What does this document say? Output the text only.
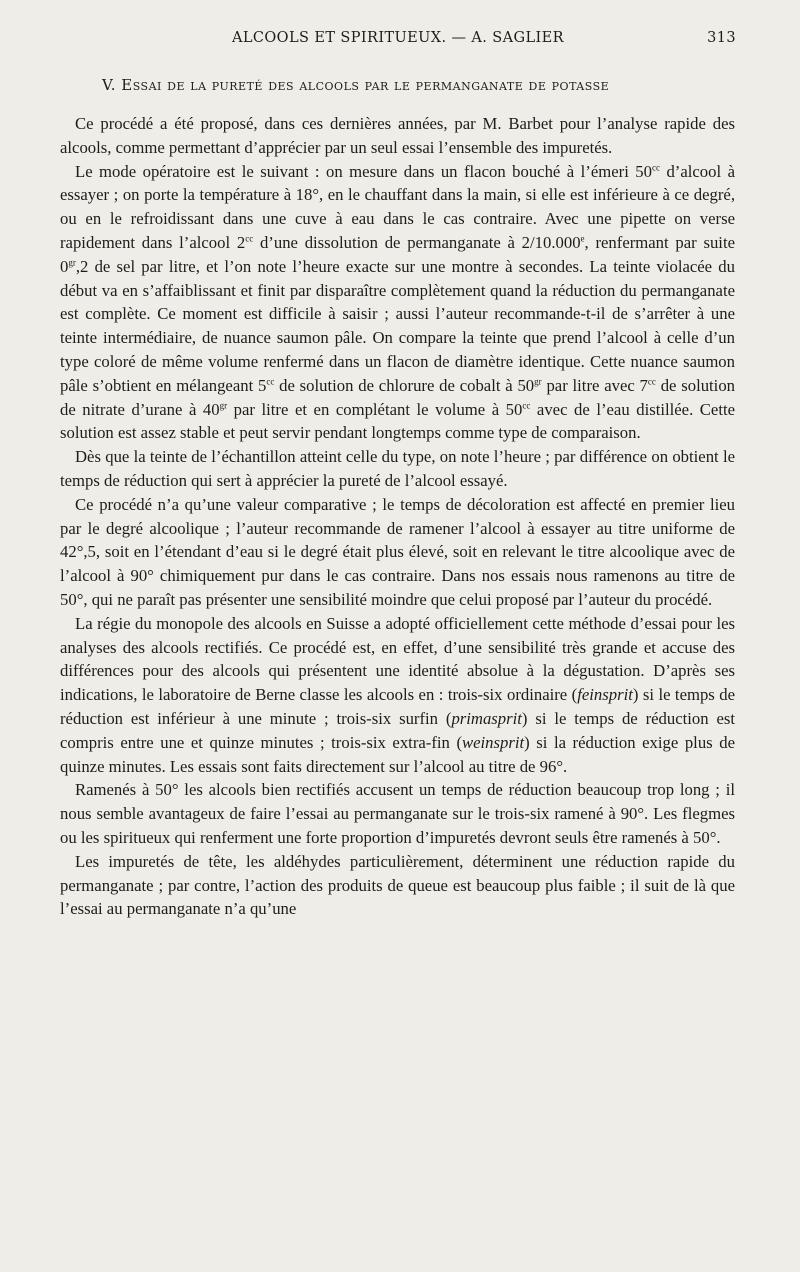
ALCOOLS ET SPIRITUEUX. — A. SAGLIER	313
V. Essai de la pureté des alcools par le permanganate de potasse

Ce procédé a été proposé, dans ces dernières années, par M. Barbet pour l’analyse rapide des alcools, comme permettant d’apprécier par un seul essai l’ensemble des impuretés.

Le mode opératoire est le suivant : on mesure dans un flacon bouché à l’émeri $50^{cc}$ d’alcool à essayer ; on porte la température à 18°, en le chauffant dans la main, si elle est inférieure à ce degré, ou en le refroidissant dans une cuve à eau dans le cas contraire. Avec une pipette on verse rapidement dans l’alcool $2^{cc}$ d’une dissolution de permanganate à 2/10.000e, renfermant par suite $0^{gr},2$ de sel par litre, et l’on note l’heure exacte sur une montre à secondes. La teinte violacée du début va en s’affaiblissant et finit par disparaître complètement quand la réduction du permanganate est complète. Ce moment est difficile à saisir ; aussi l’auteur recommande-t-il de s’arrêter à une teinte intermédiaire, de nuance saumon pâle. On compare la teinte que prend l’alcool à celle d’un type coloré de même volume renfermé dans un flacon de diamètre identique. Cette nuance saumon pâle s’obtient en mélangeant $5^{cc}$ de solution de chlorure de cobalt à $50^{gr}$ par litre avec $7^{cc}$ de solution de nitrate d’urane à $40^{gr}$ par litre et en complétant le volume à $50^{cc}$ avec de l’eau distillée. Cette solution est assez stable et peut servir pendant longtemps comme type de comparaison.

Dès que la teinte de l’échantillon atteint celle du type, on note l’heure ; par différence on obtient le temps de réduction qui sert à apprécier la pureté de l’alcool essayé.

Ce procédé n’a qu’une valeur comparative ; le temps de décoloration est affecté en premier lieu par le degré alcoolique ; l’auteur recommande de ramener l’alcool à essayer au titre uniforme de 42°,5, soit en l’étendant d’eau si le degré était plus élevé, soit en relevant le titre alcoolique avec de l’alcool à 90° chimiquement pur dans le cas contraire. Dans nos essais nous ramenons au titre de 50°, qui ne paraît pas présenter une sensibilité moindre que celui proposé par l’auteur du procédé.

La régie du monopole des alcools en Suisse a adopté officiellement cette méthode d’essai pour les analyses des alcools rectifiés. Ce procédé est, en effet, d’une sensibilité très grande et accuse des différences pour des alcools qui présentent une identité absolue à la dégustation. D’après ses indications, le laboratoire de Berne classe les alcools en : trois-six ordinaire (feinsprit) si le temps de réduction est inférieur à une minute ; trois-six surfin (primasprit) si le temps de réduction est compris entre une et quinze minutes ; trois-six extra-fin (weinsprit) si la réduction exige plus de quinze minutes. Les essais sont faits directement sur l’alcool au titre de 96°.

Ramenés à 50° les alcools bien rectifiés accusent un temps de réduction beaucoup trop long ; il nous semble avantageux de faire l’essai au permanganate sur le trois-six ramené à 90°. Les flegmes ou les spiritueux qui renferment une forte proportion d’impuretés devront seuls être ramenés à 50°.

Les impuretés de tête, les aldéhydes particulièrement, déterminent une réduction rapide du permanganate ; par contre, l’action des produits de queue est beaucoup plus faible ; il suit de là que l’essai au permanganate n’a qu’une
